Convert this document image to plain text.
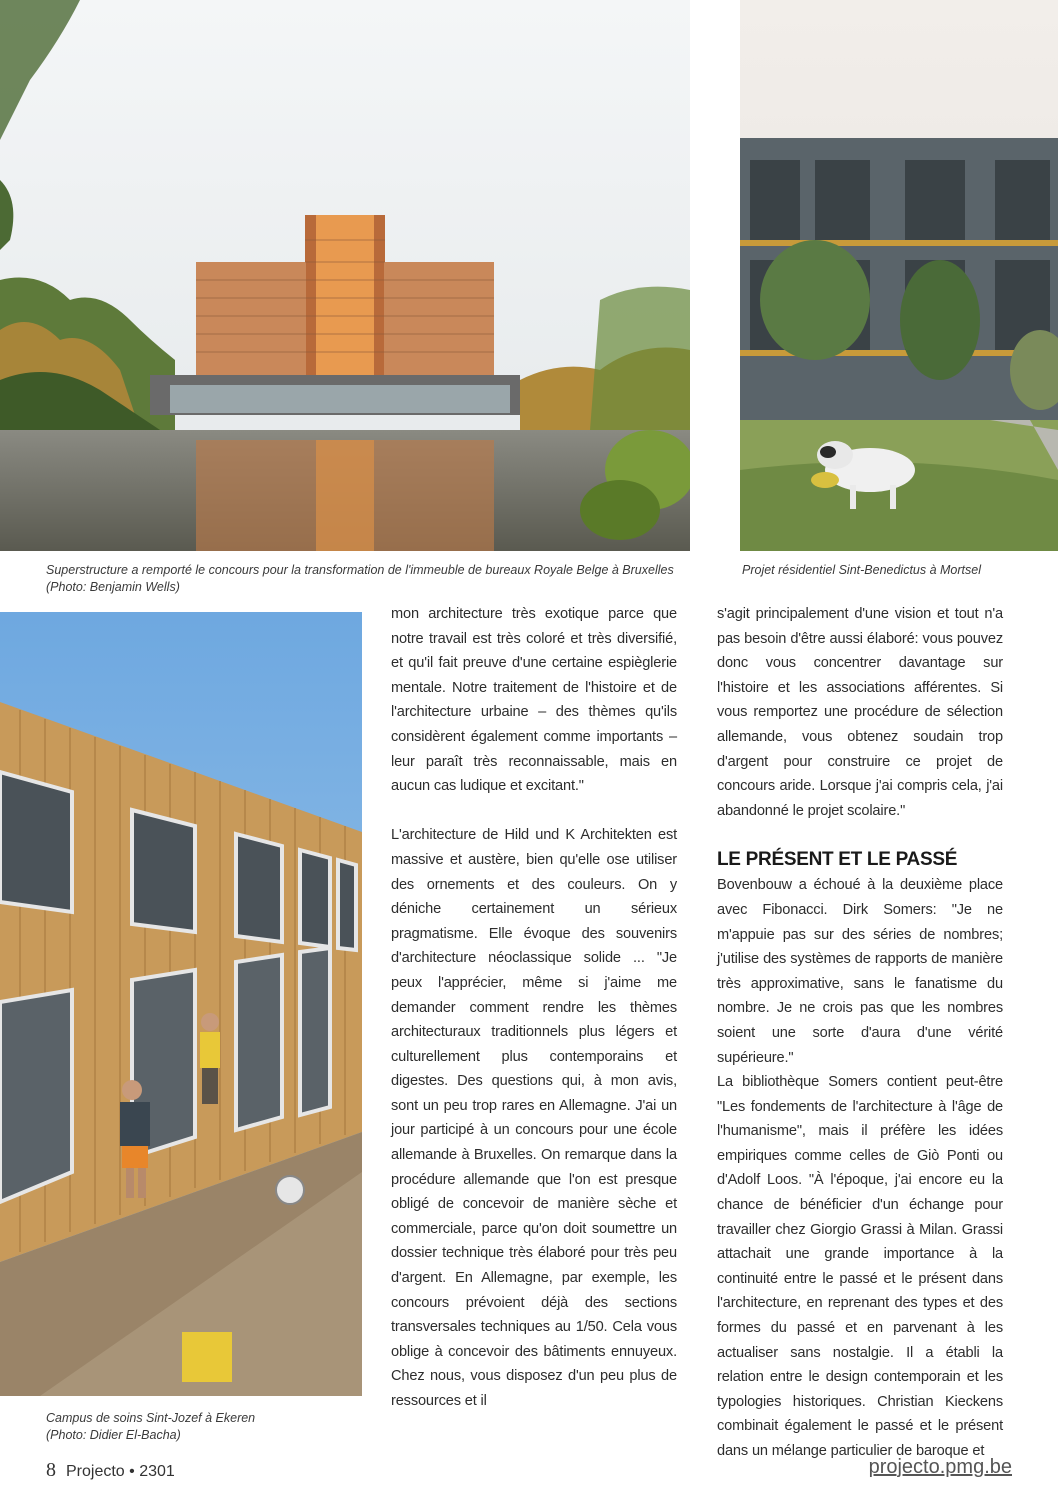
Superstructure a remporté le concours pour la transformation de l'immeuble de bureaux Royale Belge à Bruxelles
(Photo: Benjamin Wells)

Projet résidentiel Sint-Benedictus à Mortsel

Campus de soins Sint-Jozef à Ekeren
(Photo: Didier El-Bacha)

mon architecture très exotique parce que notre travail est très coloré et très diversifié, et qu'il fait preuve d'une certaine espièglerie mentale. Notre traitement de l'histoire et de l'architecture urbaine – des thèmes qu'ils considèrent également comme importants – leur paraît très reconnaissable, mais en aucun cas ludique et excitant."

L'architecture de Hild und K Architekten est massive et austère, bien qu'elle ose utiliser des ornements et des couleurs. On y déniche certainement un sérieux pragmatisme. Elle évoque des souvenirs d'architecture néoclassique solide ... "Je peux l'apprécier, même si j'aime me demander comment rendre les thèmes architecturaux traditionnels plus légers et culturellement plus contemporains et digestes. Des questions qui, à mon avis, sont un peu trop rares en Allemagne. J'ai un jour participé à un concours pour une école allemande à Bruxelles. On remarque dans la procédure allemande que l'on est presque obligé de concevoir de manière sèche et commerciale, parce qu'on doit soumettre un dossier technique très élaboré pour très peu d'argent. En Allemagne, par exemple, les concours prévoient déjà des sections transversales techniques au 1/50. Cela vous oblige à concevoir des bâtiments ennuyeux. Chez nous, vous disposez d'un peu plus de ressources et il

s'agit principalement d'une vision et tout n'a pas besoin d'être aussi élaboré: vous pouvez donc vous concentrer davantage sur l'histoire et les associations afférentes. Si vous remportez une procédure de sélection allemande, vous obtenez soudain trop d'argent pour construire ce projet de concours aride. Lorsque j'ai compris cela, j'ai abandonné le projet scolaire."

LE PRÉSENT ET LE PASSÉ

Bovenbouw a échoué à la deuxième place avec Fibonacci. Dirk Somers: "Je ne m'appuie pas sur des séries de nombres; j'utilise des systèmes de rapports de manière très approximative, sans le fanatisme du nombre. Je ne crois pas que les nombres soient une sorte d'aura d'une vérité supérieure."

La bibliothèque Somers contient peut-être "Les fondements de l'architecture à l'âge de l'humanisme", mais il préfère les idées empiriques comme celles de Giò Ponti ou d'Adolf Loos. "À l'époque, j'ai encore eu la chance de bénéficier d'un échange pour travailler chez Giorgio Grassi à Milan. Grassi attachait une grande importance à la continuité entre le passé et le présent dans l'architecture, en reprenant des types et des formes du passé et en parvenant à les actualiser sans nostalgie. Il a établi la relation entre le design contemporain et les typologies historiques. Christian Kieckens combinait également le passé et le présent dans un mélange particulier de baroque et

8 Projecto • 2301	projecto.pmg.be
